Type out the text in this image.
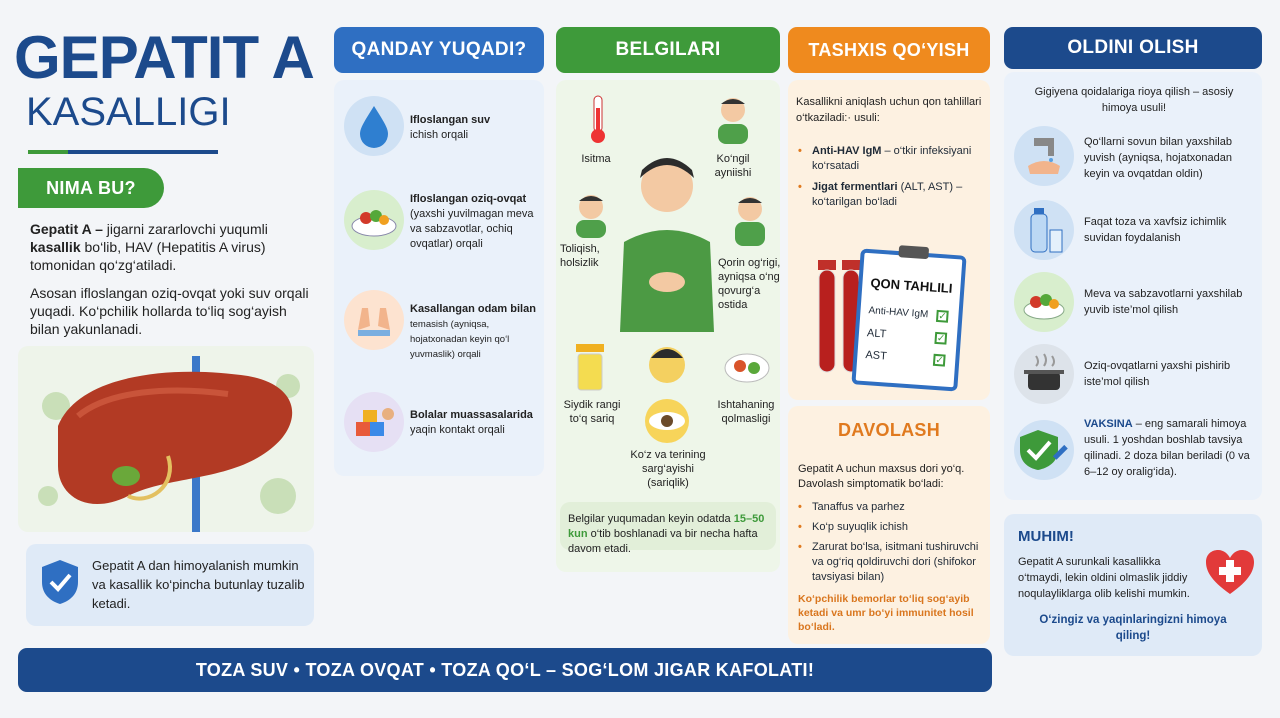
GEPATIT A
KASALLIGI
NIMA BU?
Gepatit A – jigarni zararlovchi yuqumli kasallik bo‘lib, HAV (Hepatitis A virus) tomonidan qo‘zg‘atiladi.
Asosan ifloslangan oziq-ovqat yoki suv orqali yuqadi. Ko‘pchilik hollarda to‘liq sog‘ayish bilan yakunlanadi.
Gepatit A dan himoyalanish mumkin va kasallik ko‘pincha butunlay tuzalib ketadi.
QANDAY YUQADI?
Ifloslangan suv
ichish orqali
Ifloslangan oziq-ovqat
(yaxshi yuvilmagan meva va sabzavotlar, ochiq ovqatlar) orqali
Kasallangan odam bilan
temasish (ayniqsa, hojatxonadan keyin qo‘l yuvmaslik) orqali
Bolalar muassasalarida
yaqin kontakt orqali
BELGILARI
Isitma	Ko‘ngil ayniishi
Toliqish, holsizlik	Qorin og‘rigi, ayniqsa o‘ng qovurg‘a ostida
Siydik rangi to‘q sariq
Ko‘z va terining sarg‘ayishi (sariqlik)
Ishtahaning qolmasligi
Belgilar yuqumadan keyin odatda 15–50 kun o‘tib boshlanadi va bir necha hafta davom etadi.
TASHXIS QO‘YISH
Kasallikni aniqlash uchun qon tahlillari o‘tkaziladi:· usuli:
• Anti-HAV IgM – o‘tkir infeksiyani ko‘rsatadi
• Jigat fermentlari (ALT, AST) – ko‘tarilgan bo‘ladi
QON TAHLILI
Anti-HAV IgM
ALT
AST
✓
✓
✓
DAVOLASH
Gepatit A uchun maxsus dori yo‘q. Davolash simptomatik bo‘ladi:
• Tanaffus va parhez
• Ko‘p suyuqlik ichish
• Zarurat bo‘lsa, isitmani tushiruvchi va og‘riq qoldiruvchi dori (shifokor tavsiyasi bilan)
Ko‘pchilik bemorlar to‘liq sog‘ayib ketadi va umr bo‘yi immunitet hosil bo‘ladi.
OLDINI OLISH
Gigiyena qoidalariga rioya qilish – asosiy himoya usuli!
Qo‘llarni sovun bilan yaxshilab yuvish (ayniqsa, hojatxonadan keyin va ovqatdan oldin)
Faqat toza va xavfsiz ichimlik suvidan foydalanish
Meva va sabzavotlarni yaxshilab yuvib iste’mol qilish
Oziq-ovqatlarni yaxshi pishirib iste’mol qilish
VAKSINA – eng samarali himoya usuli. 1 yoshdan boshlab tavsiya qilinadi. 2 doza bilan beriladi (0 va 6–12 oy oralig‘ida).
MUHIM!
Gepatit A surunkali kasallikka o‘tmaydi, lekin oldini olmaslik jiddiy noqulayliklarga olib kelishi mumkin.
O‘zingiz va yaqinlaringizni himoya qiling!
TOZA SUV • TOZA OVQAT • TOZA QO‘L – SOG‘LOM JIGAR KAFOLATI!
